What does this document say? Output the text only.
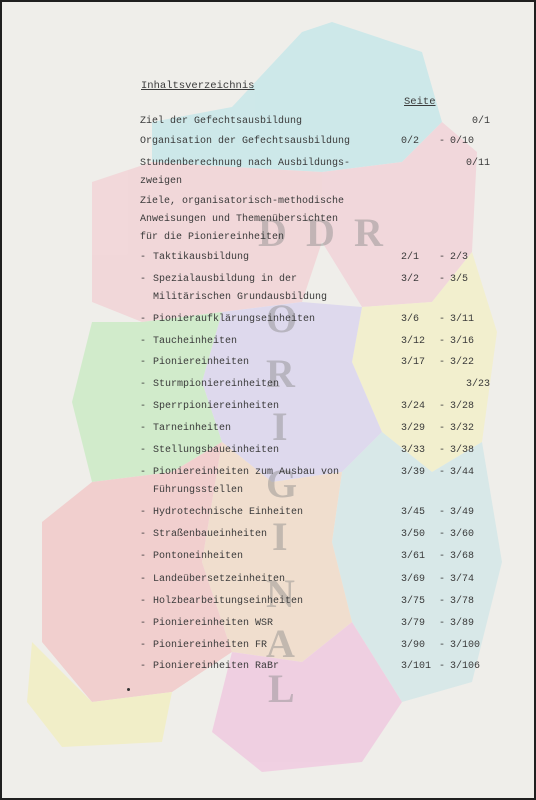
D D R
O
R
I
G
I
N
A
L
Inhaltsverzeichnis
Seite
Ziel der Gefechtsausbildung	0/1
Organisation der Gefechtsausbildung	0/2	- 0/10
Stundenberechnung nach Ausbildungs-
zweigen
0/11
Ziele, organisatorisch-methodische
Anweisungen und Themenübersichten
für die Pioniereinheiten
- Taktikausbildung	2/1	- 2/3
- Spezialausbildung in der
Militärischen Grundausbildung
3/2	- 3/5
- Pionieraufklärungseinheiten	3/6	- 3/11
- Taucheinheiten	3/12	- 3/16
- Pioniereinheiten	3/17	- 3/22
- Sturmpioniereinheiten	3/23
- Sperrpioniereinheiten	3/24	- 3/28
- Tarneinheiten	3/29	- 3/32
- Stellungsbaueinheiten	3/33	- 3/38
- Pioniereinheiten zum Ausbau von
Führungsstellen
3/39	- 3/44
- Hydrotechnische Einheiten	3/45	- 3/49
- Straßenbaueinheiten	3/50	- 3/60
- Pontoneinheiten	3/61	- 3/68
- Landeübersetzeinheiten	3/69	- 3/74
- Holzbearbeitungseinheiten	3/75	- 3/78
- Pioniereinheiten WSR	3/79	- 3/89
- Pioniereinheiten FR	3/90	- 3/100
- Pioniereinheiten RaBr	3/101 - 3/106
